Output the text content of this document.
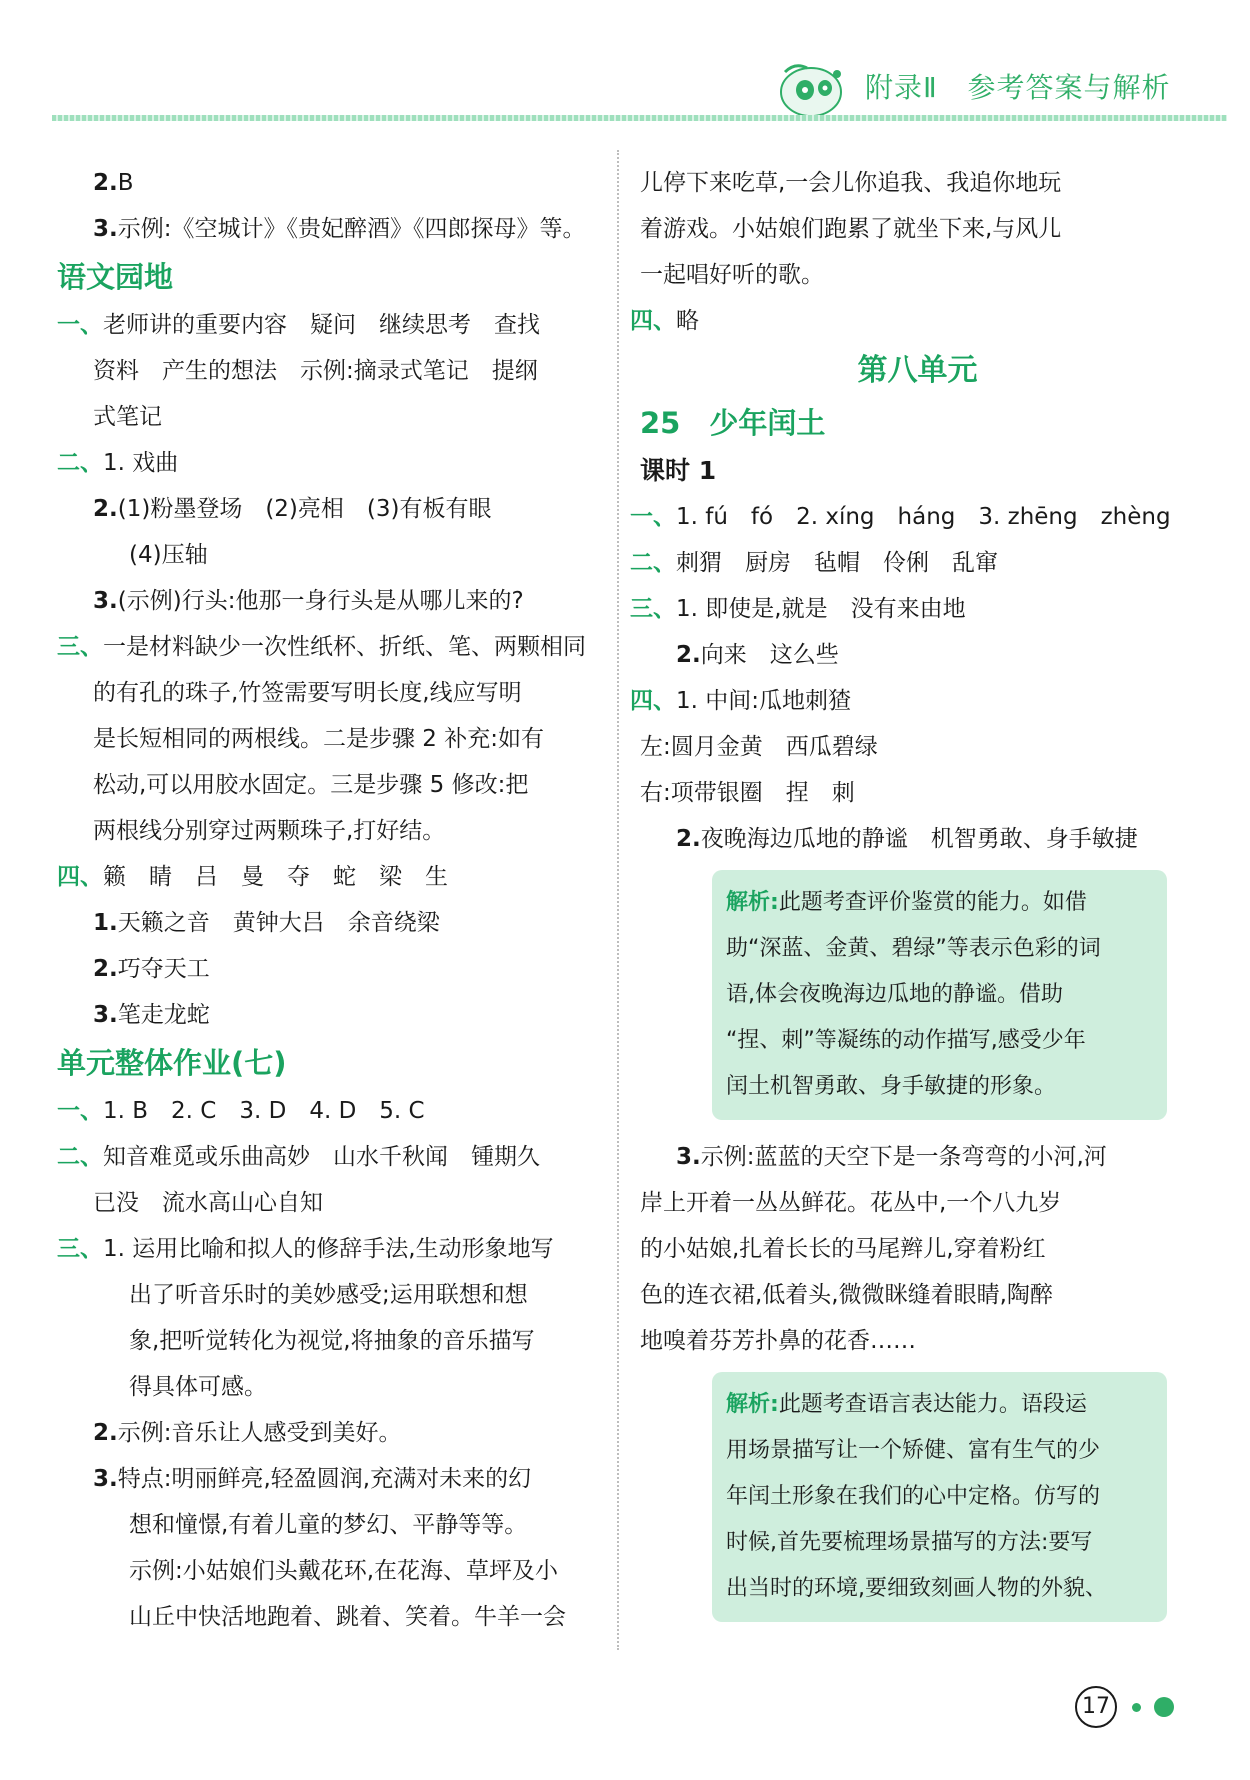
附录Ⅱ   参考答案与解析
2.B
3.示例:《空城计》《贵妃醉酒》《四郎探母》等。
语文园地
一、老师讲的重要内容　疑问　继续思考　查找
资料　产生的想法　示例:摘录式笔记　提纲
式笔记
二、1. 戏曲
2.(1)粉墨登场　(2)亮相　(3)有板有眼
(4)压轴
3.(示例)行头:他那一身行头是从哪儿来的?
三、一是材料缺少一次性纸杯、折纸、笔、两颗相同
的有孔的珠子,竹签需要写明长度,线应写明
是长短相同的两根线。二是步骤 2 补充:如有
松动,可以用胶水固定。三是步骤 5 修改:把
两根线分别穿过两颗珠子,打好结。
四、籁　睛　吕　曼　夺　蛇　梁　生
1.天籁之音　黄钟大吕　余音绕梁
2.巧夺天工
3.笔走龙蛇
单元整体作业(七)
一、1. B　2. C　3. D　4. D　5. C
二、知音难觅或乐曲高妙　山水千秋闻　锺期久
已没　流水高山心自知
三、1. 运用比喻和拟人的修辞手法,生动形象地写
出了听音乐时的美妙感受;运用联想和想
象,把听觉转化为视觉,将抽象的音乐描写
得具体可感。
2.示例:音乐让人感受到美好。
3.特点:明丽鲜亮,轻盈圆润,充满对未来的幻
想和憧憬,有着儿童的梦幻、平静等等。
示例:小姑娘们头戴花环,在花海、草坪及小
山丘中快活地跑着、跳着、笑着。牛羊一会
儿停下来吃草,一会儿你追我、我追你地玩
着游戏。小姑娘们跑累了就坐下来,与风儿
一起唱好听的歌。
四、略
第八单元
25　少年闰土
课时 1
一、1. fú　fó　2. xíng　háng　3. zhēng　zhèng
二、刺猬　厨房　毡帽　伶俐　乱窜
三、1. 即使是,就是　没有来由地
2.向来　这么些
四、1. 中间:瓜地刺猹
左:圆月金黄　西瓜碧绿
右:项带银圈　捏　刺
2.夜晚海边瓜地的静谧　机智勇敢、身手敏捷
解析:此题考查评价鉴赏的能力。如借
助“深蓝、金黄、碧绿”等表示色彩的词
语,体会夜晚海边瓜地的静谧。借助
“捏、刺”等凝练的动作描写,感受少年
闰土机智勇敢、身手敏捷的形象。
3.示例:蓝蓝的天空下是一条弯弯的小河,河
岸上开着一丛丛鲜花。花丛中,一个八九岁
的小姑娘,扎着长长的马尾辫儿,穿着粉红
色的连衣裙,低着头,微微眯缝着眼睛,陶醉
地嗅着芬芳扑鼻的花香……
解析:此题考查语言表达能力。语段运
用场景描写让一个矫健、富有生气的少
年闰土形象在我们的心中定格。仿写的
时候,首先要梳理场景描写的方法:要写
出当时的环境,要细致刻画人物的外貌、
17
